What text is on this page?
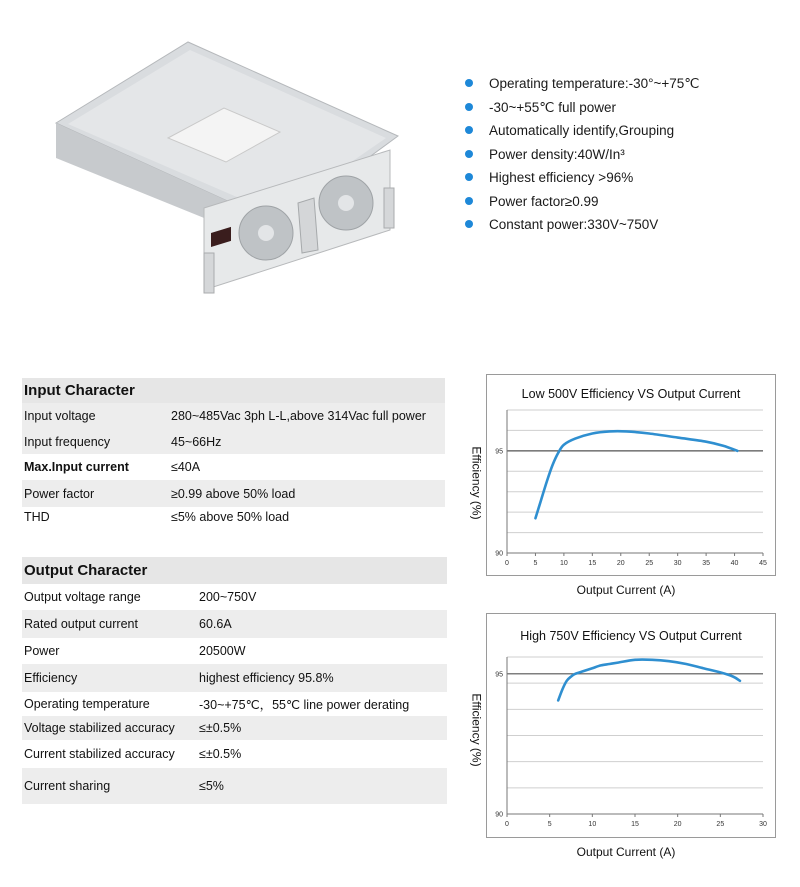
Operating temperature:-30°~+75℃
-30~+55℃ full power
Automatically identify,Grouping
Power density:40W/In³
Highest efficiency >96%
Power factor≥0.99
Constant power:330V~750V
Input Character
Input voltage	280~485Vac 3ph L-L,above 314Vac full power
Input frequency	45~66Hz
Max.Input current	≤40A
Power factor	≥0.99 above 50% load
THD	≤5% above 50% load
Output Character
Output voltage range	200~750V
Rated output current	60.6A
Power	20500W
Efficiency	highest efficiency 95.8%
Operating temperature	-30~+75℃，55℃ line power derating
Voltage stabilized accuracy	≤±0.5%
Current stabilized accuracy	≤±0.5%
Current sharing	≤5%
Low 500V Efficiency VS Output Current
0	5	10	15	20	25	30	35	40	45
90
95
Efficiency (%)
Output Current (A)
High 750V Efficiency VS Output Current
0	5	10	15	20	25	30
90
95
Efficiency (%)
Output Current (A)
